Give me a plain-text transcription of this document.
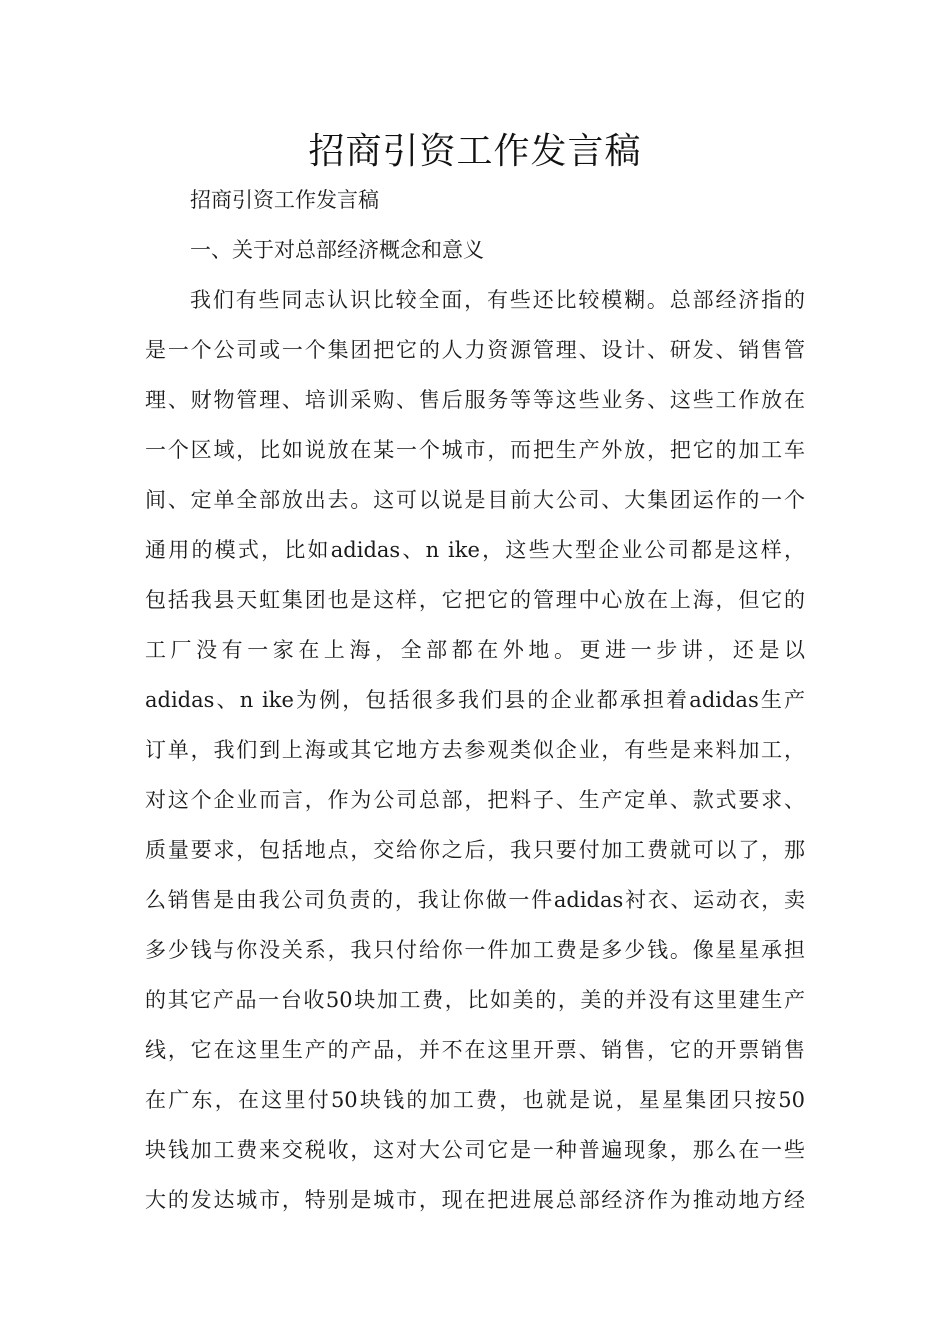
招商引资工作发言稿
招商引资工作发言稿
一、关于对总部经济概念和意义
我们有些同志认识比较全面，有些还比较模糊。总部经济指的
是一个公司或一个集团把它的人力资源管理、设计、研发、销售管
理、财物管理、培训采购、售后服务等等这些业务、这些工作放在
一个区域，比如说放在某一个城市，而把生产外放，把它的加工车
间、定单全部放出去。这可以说是目前大公司、大集团运作的一个
通用的模式，比如adidas、n ike，这些大型企业公司都是这样，
包括我县天虹集团也是这样，它把它的管理中心放在上海，但它的
工厂没有一家在上海，全部都在外地。更进一步讲，还是以
adidas、n ike为例，包括很多我们县的企业都承担着adidas生产
订单，我们到上海或其它地方去参观类似企业，有些是来料加工，
对这个企业而言，作为公司总部，把料子、生产定单、款式要求、
质量要求，包括地点，交给你之后，我只要付加工费就可以了，那
么销售是由我公司负责的，我让你做一件adidas衬衣、运动衣，卖
多少钱与你没关系，我只付给你一件加工费是多少钱。像星星承担
的其它产品一台收50块加工费，比如美的，美的并没有这里建生产
线，它在这里生产的产品，并不在这里开票、销售，它的开票销售
在广东，在这里付50块钱的加工费，也就是说，星星集团只按50
块钱加工费来交税收，这对大公司它是一种普遍现象，那么在一些
大的发达城市，特别是城市，现在把进展总部经济作为推动地方经
